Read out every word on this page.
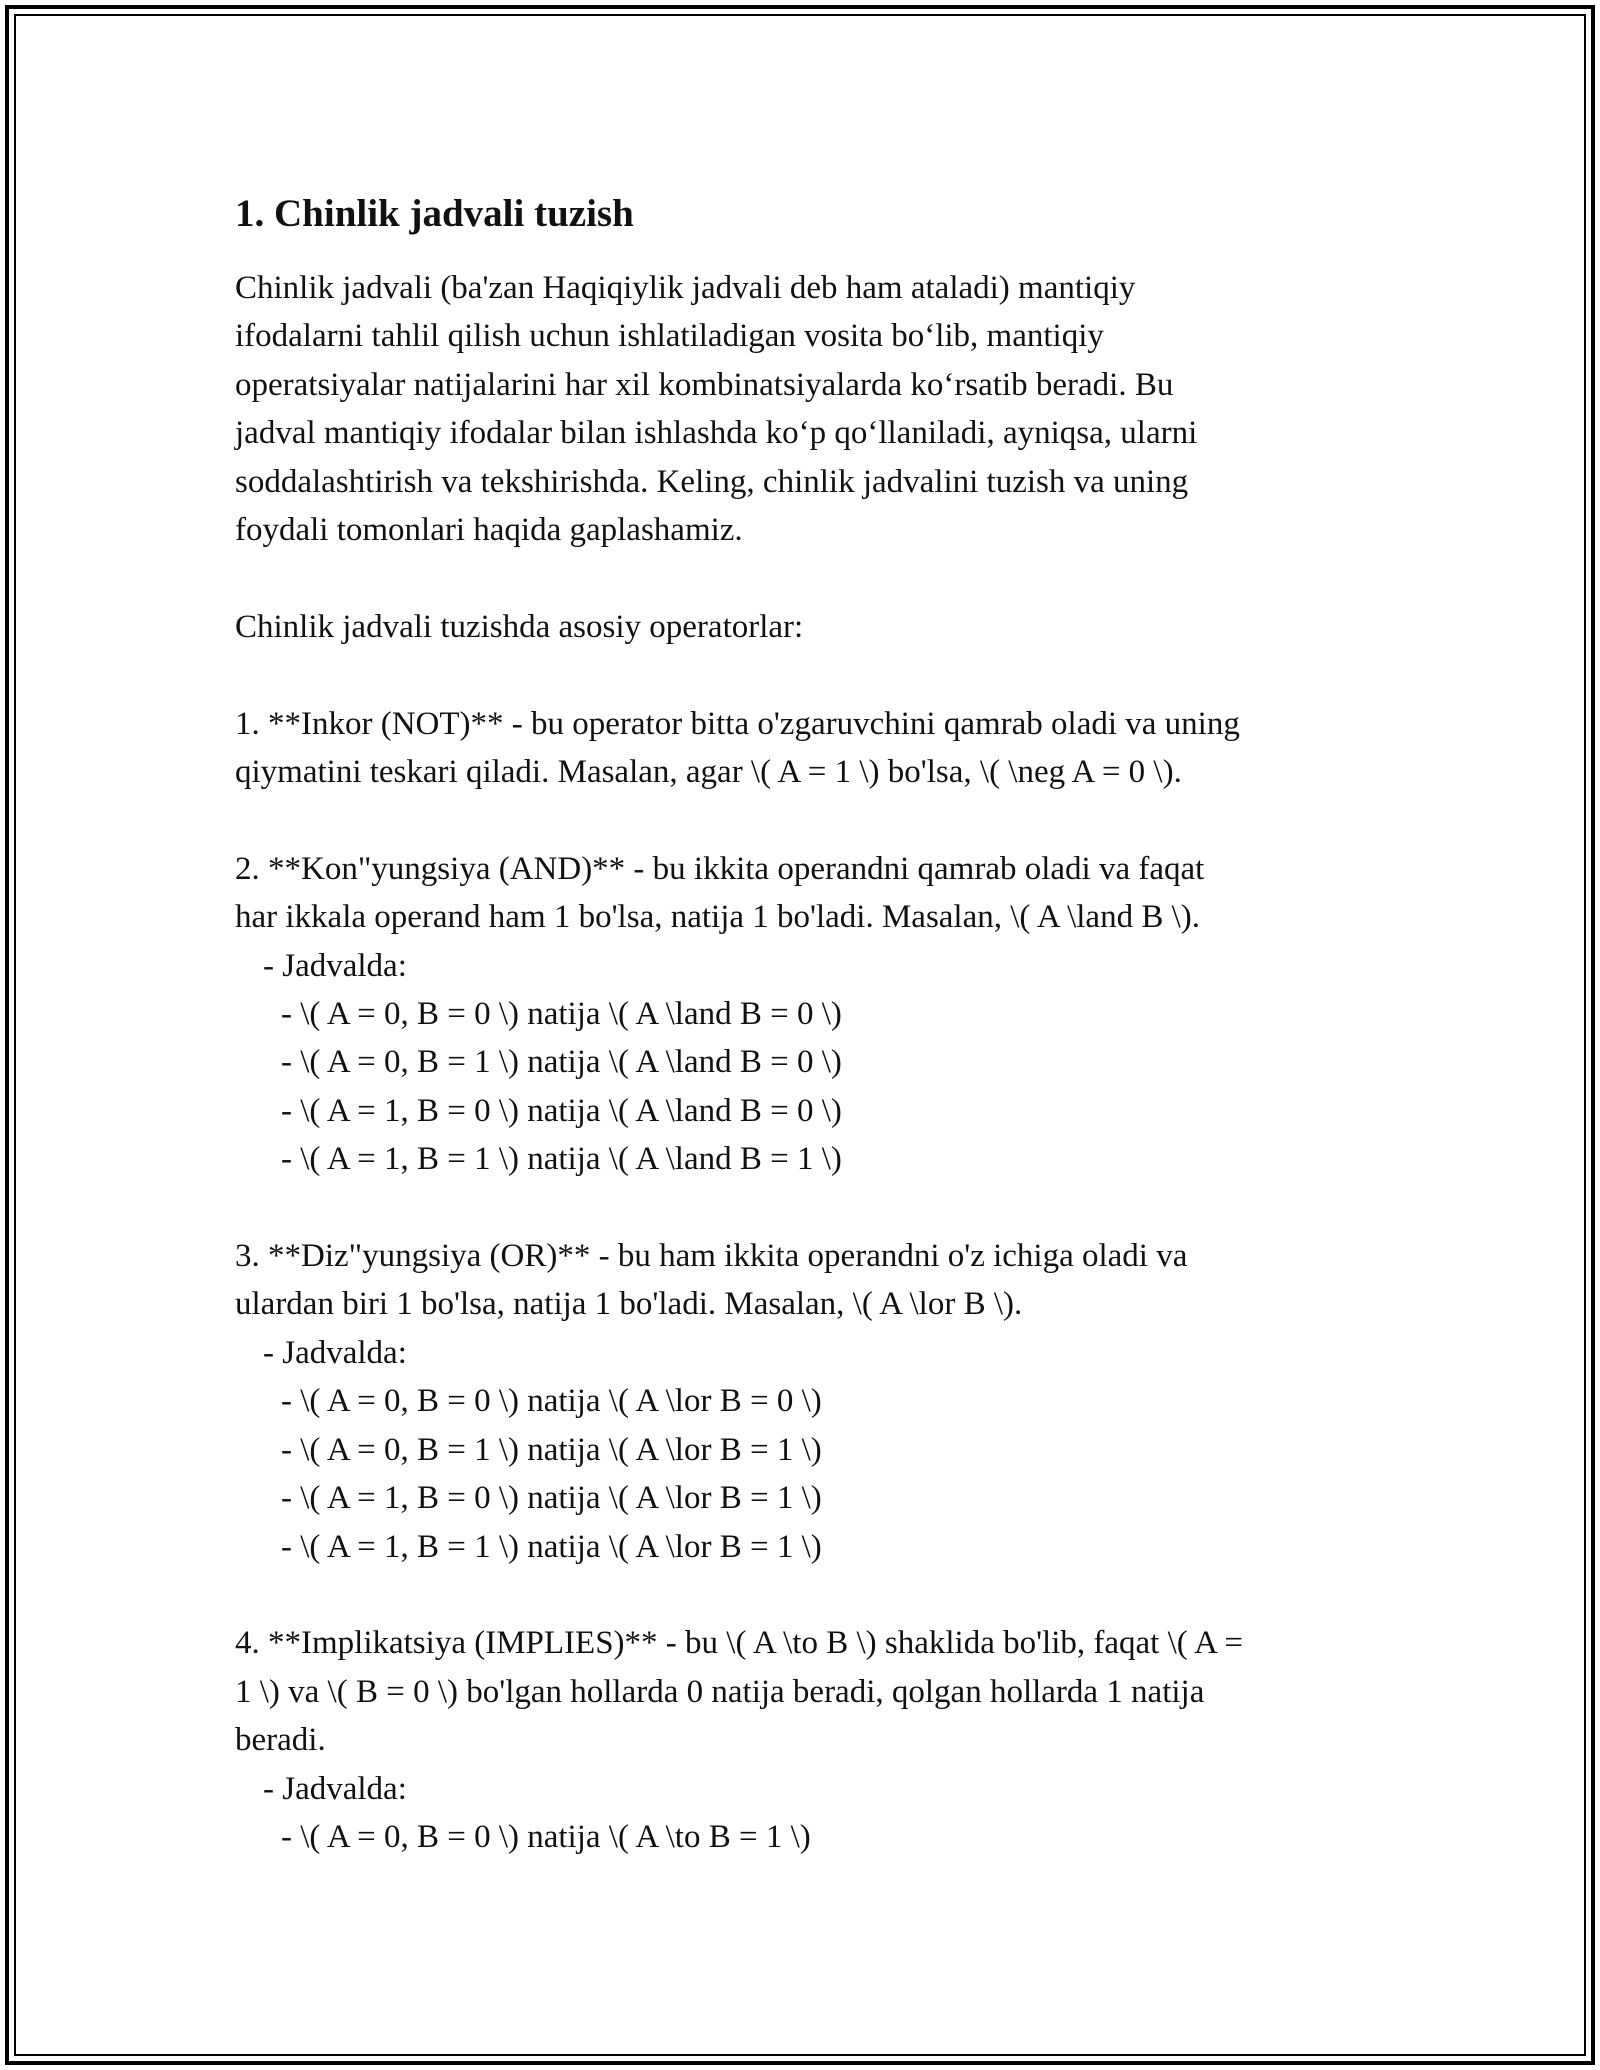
1. Chinlik jadvali tuzish
Chinlik jadvali (ba'zan Haqiqiylik jadvali deb ham ataladi) mantiqiy
ifodalarni tahlil qilish uchun ishlatiladigan vosita bo‘lib, mantiqiy
operatsiyalar natijalarini har xil kombinatsiyalarda ko‘rsatib beradi. Bu
jadval mantiqiy ifodalar bilan ishlashda ko‘p qo‘llaniladi, ayniqsa, ularni
soddalashtirish va tekshirishda. Keling, chinlik jadvalini tuzish va uning
foydali tomonlari haqida gaplashamiz.
Chinlik jadvali tuzishda asosiy operatorlar:
1. **Inkor (NOT)** - bu operator bitta o'zgaruvchini qamrab oladi va uning
qiymatini teskari qiladi. Masalan, agar \( A = 1 \) bo'lsa, \( \neg A = 0 \).
2. **Kon"yungsiya (AND)** - bu ikkita operandni qamrab oladi va faqat
har ikkala operand ham 1 bo'lsa, natija 1 bo'ladi. Masalan, \( A \land B \).
- Jadvalda:
- \( A = 0, B = 0 \) natija \( A \land B = 0 \)
- \( A = 0, B = 1 \) natija \( A \land B = 0 \)
- \( A = 1, B = 0 \) natija \( A \land B = 0 \)
- \( A = 1, B = 1 \) natija \( A \land B = 1 \)
3. **Diz"yungsiya (OR)** - bu ham ikkita operandni o'z ichiga oladi va
ulardan biri 1 bo'lsa, natija 1 bo'ladi. Masalan, \( A \lor B \).
- Jadvalda:
- \( A = 0, B = 0 \) natija \( A \lor B = 0 \)
- \( A = 0, B = 1 \) natija \( A \lor B = 1 \)
- \( A = 1, B = 0 \) natija \( A \lor B = 1 \)
- \( A = 1, B = 1 \) natija \( A \lor B = 1 \)
4. **Implikatsiya (IMPLIES)** - bu \( A \to B \) shaklida bo'lib, faqat \( A =
1 \) va \( B = 0 \) bo'lgan hollarda 0 natija beradi, qolgan hollarda 1 natija
beradi.
- Jadvalda:
- \( A = 0, B = 0 \) natija \( A \to B = 1 \)
